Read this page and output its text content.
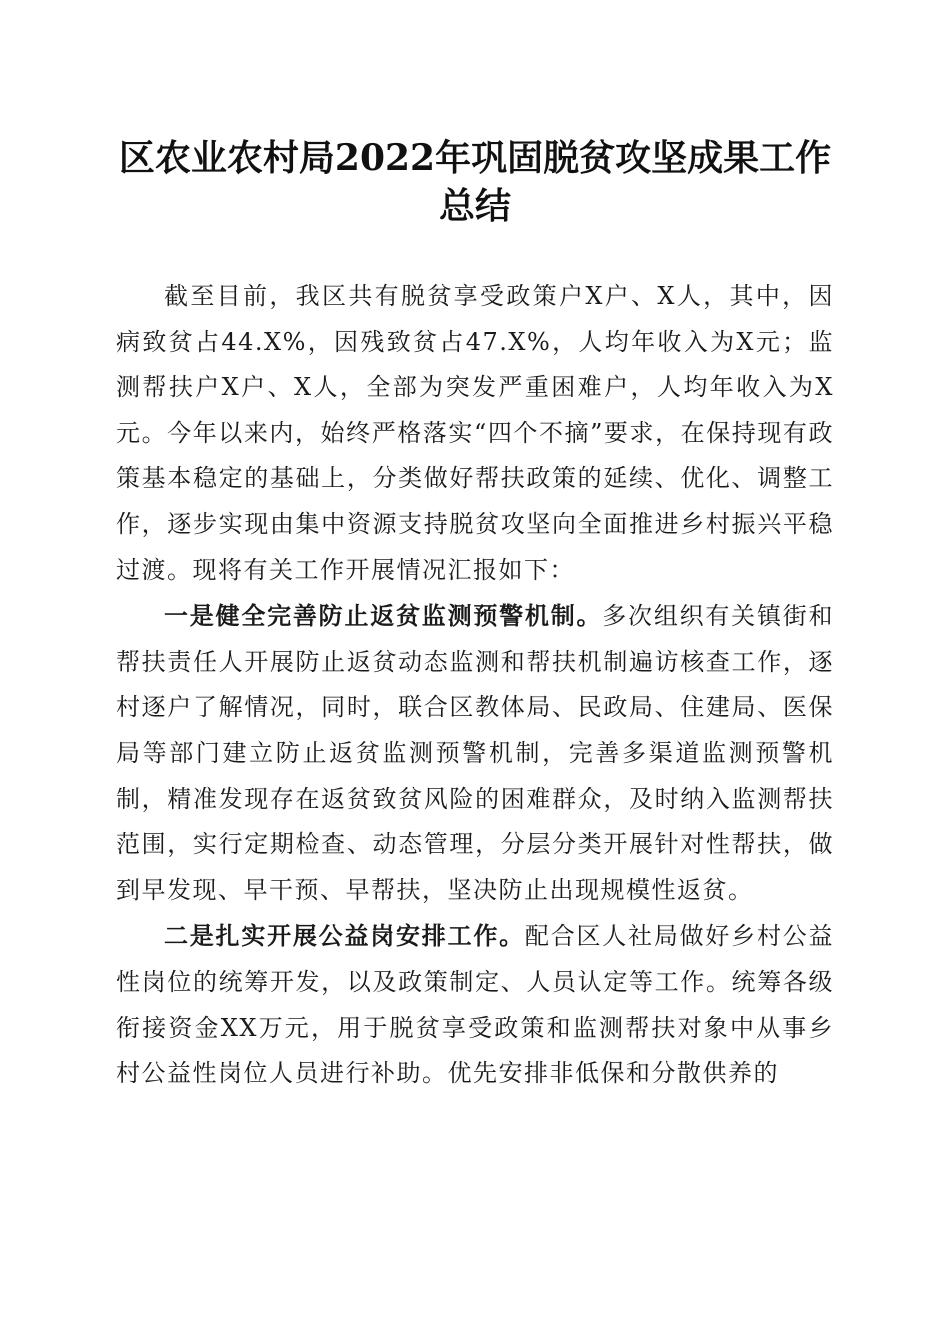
区农业农村局2022年巩固脱贫攻坚成果工作
总结

截至目前，我区共有脱贫享受政策户X户、X人，其中，因病致贫占44.X%，因残致贫占47.X%，人均年收入为X元；监测帮扶户X户、X人，全部为突发严重困难户，人均年收入为X元。今年以来内，始终严格落实“四个不摘”要求，在保持现有政策基本稳定的基础上，分类做好帮扶政策的延续、优化、调整工作，逐步实现由集中资源支持脱贫攻坚向全面推进乡村振兴平稳过渡。现将有关工作开展情况汇报如下：

一是健全完善防止返贫监测预警机制。多次组织有关镇街和帮扶责任人开展防止返贫动态监测和帮扶机制遍访核查工作，逐村逐户了解情况，同时，联合区教体局、民政局、住建局、医保局等部门建立防止返贫监测预警机制，完善多渠道监测预警机制，精准发现存在返贫致贫风险的困难群众，及时纳入监测帮扶范围，实行定期检查、动态管理，分层分类开展针对性帮扶，做到早发现、早干预、早帮扶，坚决防止出现规模性返贫。

二是扎实开展公益岗安排工作。配合区人社局做好乡村公益性岗位的统筹开发，以及政策制定、人员认定等工作。统筹各级衔接资金XX万元，用于脱贫享受政策和监测帮扶对象中从事乡村公益性岗位人员进行补助。优先安排非低保和分散供养的
